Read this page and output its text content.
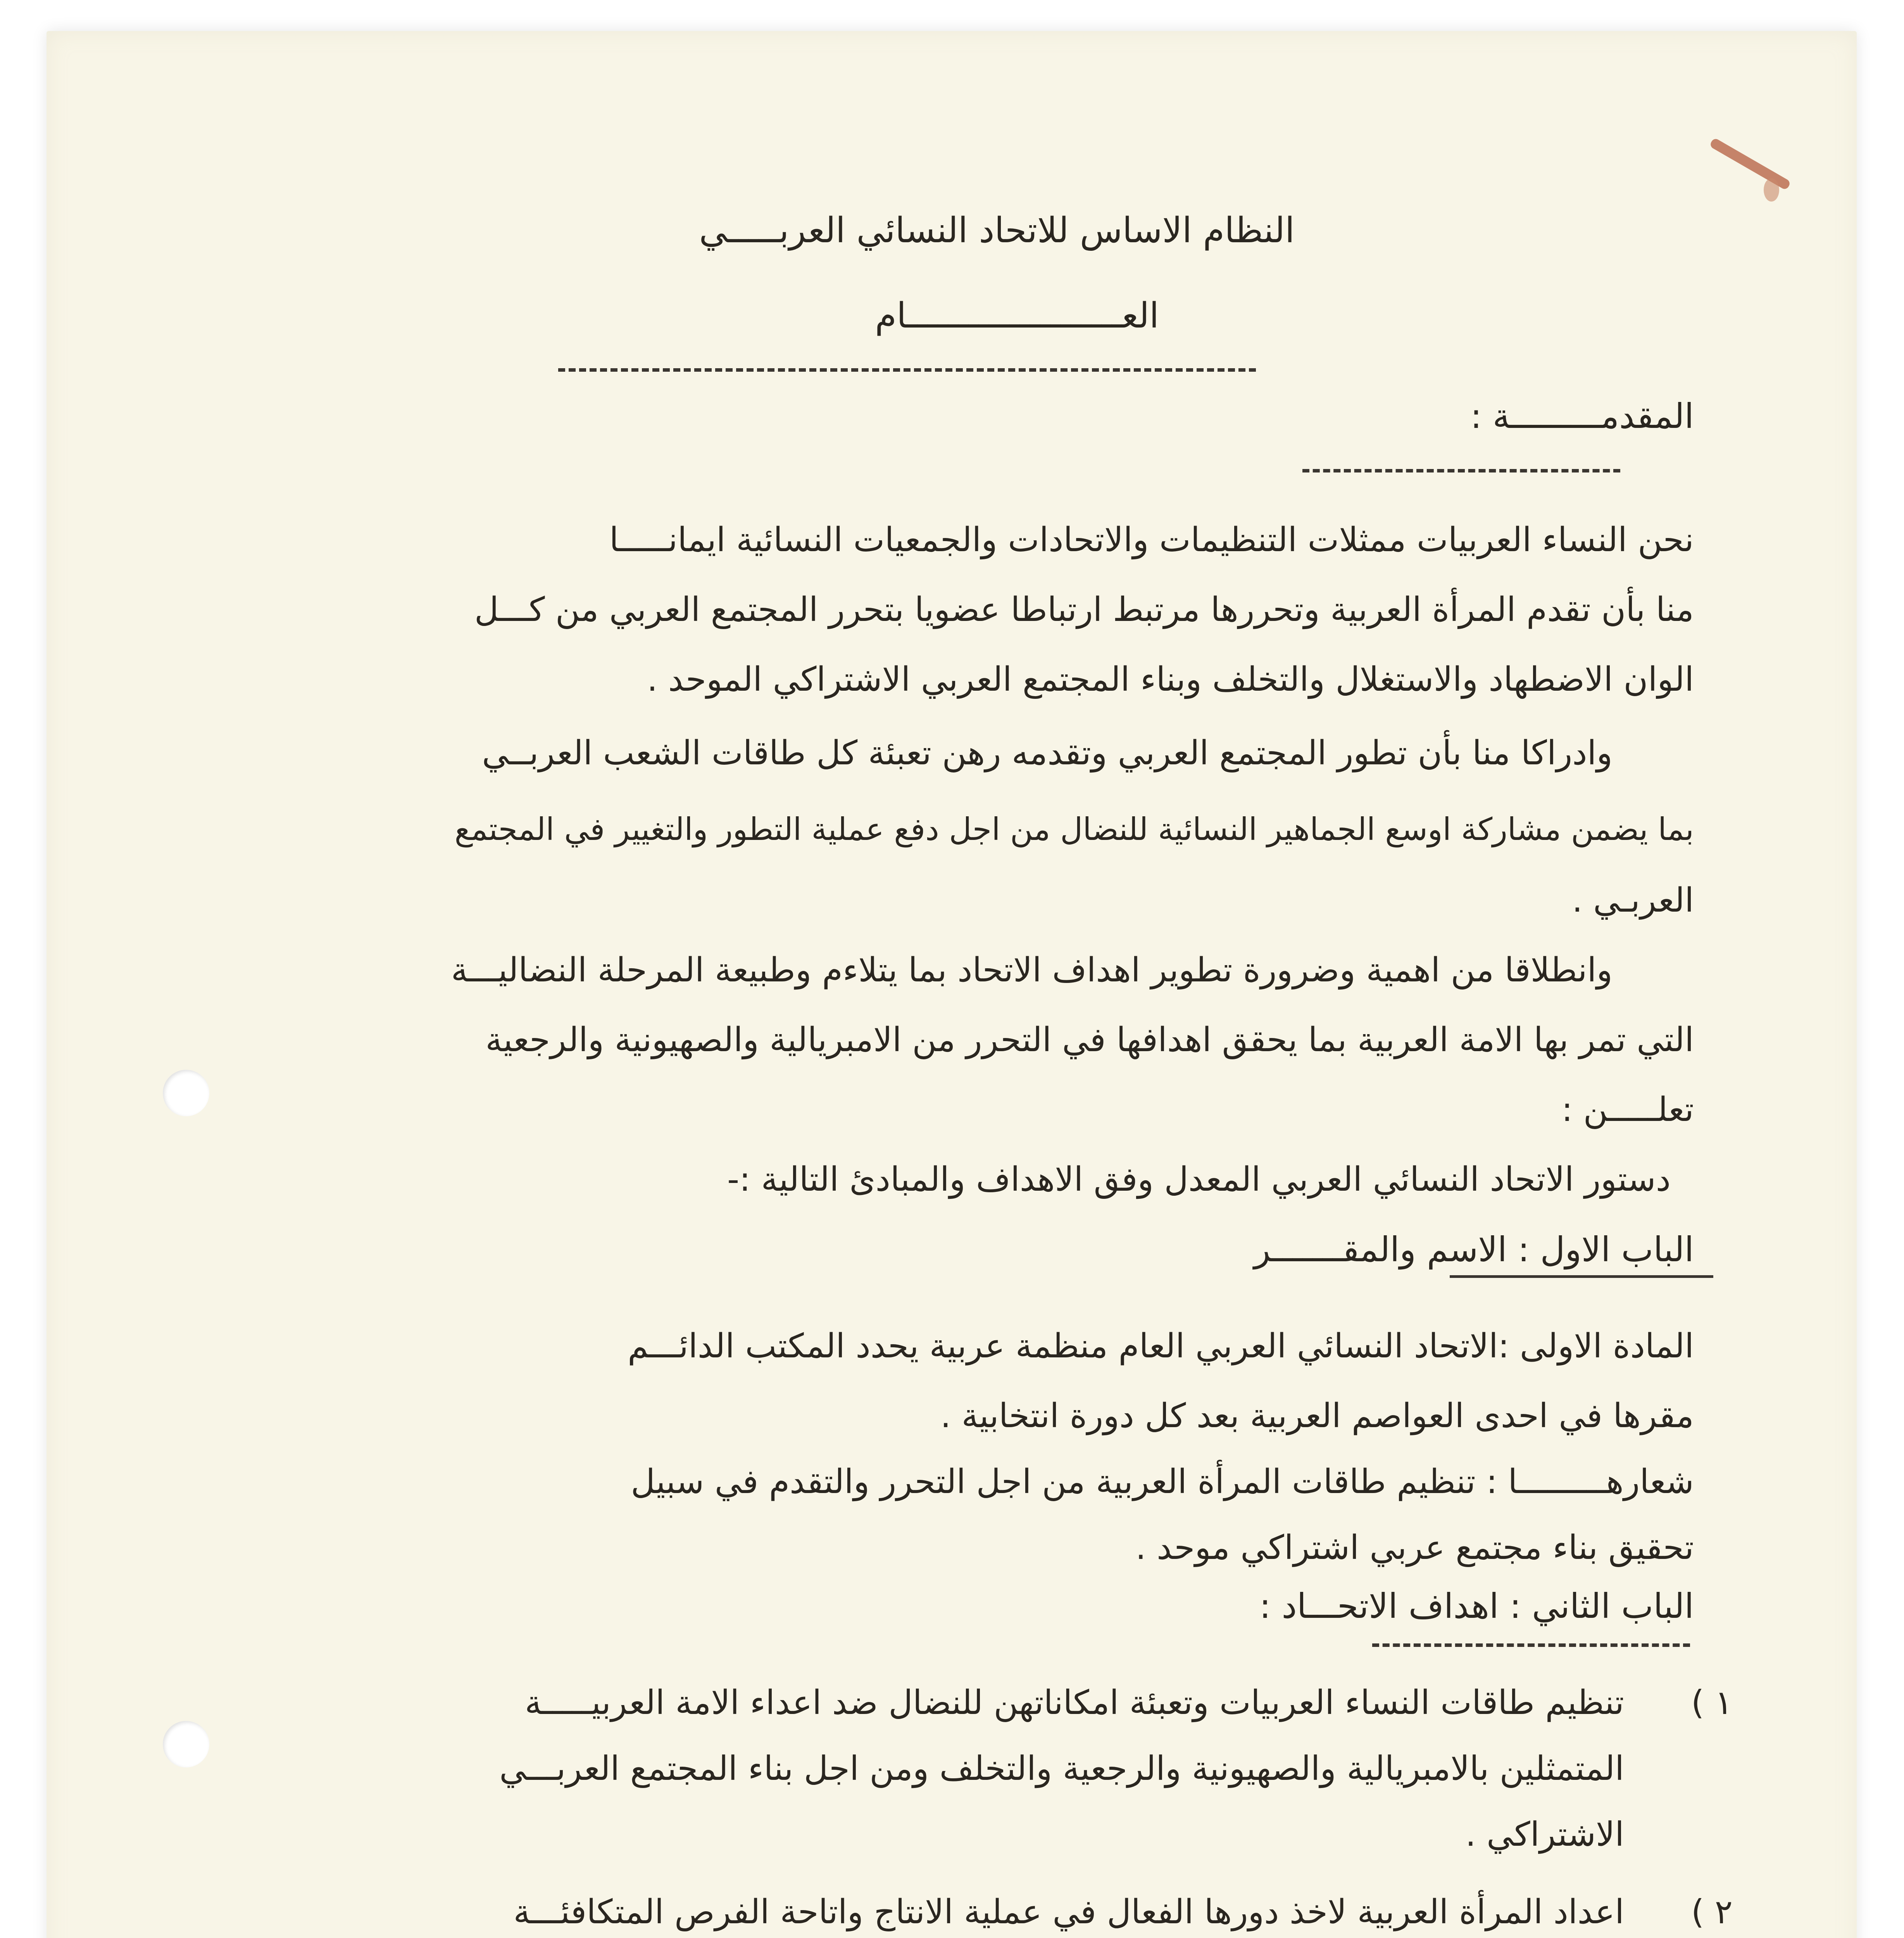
النظام الاساس للاتحاد النسائي العربـــــي
العـــــــــــــــــــــام
المقدمـــــــــة :
نحن النساء العربيات ممثلات التنظيمات والاتحادات والجمعيات النسائية ايمانـــــا
منا بأن تقدم المرأة العربية وتحررها مرتبط ارتباطا عضويا بتحرر المجتمع العربي من كـــل
الوان الاضطهاد والاستغلال والتخلف وبناء المجتمع العربي الاشتراكي الموحد .
وادراكا منا بأن تطور المجتمع العربي وتقدمه رهن تعبئة كل طاقات الشعب العربــي
بما يضمن مشاركة اوسع الجماهير النسائية للنضال من اجل دفع عملية التطور والتغيير في المجتمع
العربـي .
وانطلاقا من اهمية وضرورة تطوير اهداف الاتحاد بما يتلاءم وطبيعة المرحلة النضاليـــة
التي تمر بها الامة العربية بما يحقق اهدافها في التحرر من الامبريالية والصهيونية والرجعية
تعلـــــن :
دستور الاتحاد النسائي العربي المعدل وفق الاهداف والمبادئ التالية :-
الباب الاول : الاسم والمقـــــــر
المادة الاولى :الاتحاد النسائي العربي العام منظمة عربية يحدد المكتب الدائـــم
مقرها في احدى العواصم العربية بعد كل دورة انتخابية .
شعارهـــــــــا : تنظيم طاقات المرأة العربية من اجل التحرر والتقدم في سبيل
تحقيق بناء مجتمع عربي اشتراكي موحد .
الباب الثاني : اهداف الاتحـــاد :
١ )
تنظيم طاقات النساء العربيات وتعبئة امكاناتهن للنضال ضد اعداء الامة العربيـــــة
المتمثلين بالامبريالية والصهيونية والرجعية والتخلف ومن اجل بناء المجتمع العربـــي
الاشتراكي .
٢ )
اعداد المرأة العربية لاخذ دورها الفعال في عملية الانتاج واتاحة الفرص المتكافئـــة
